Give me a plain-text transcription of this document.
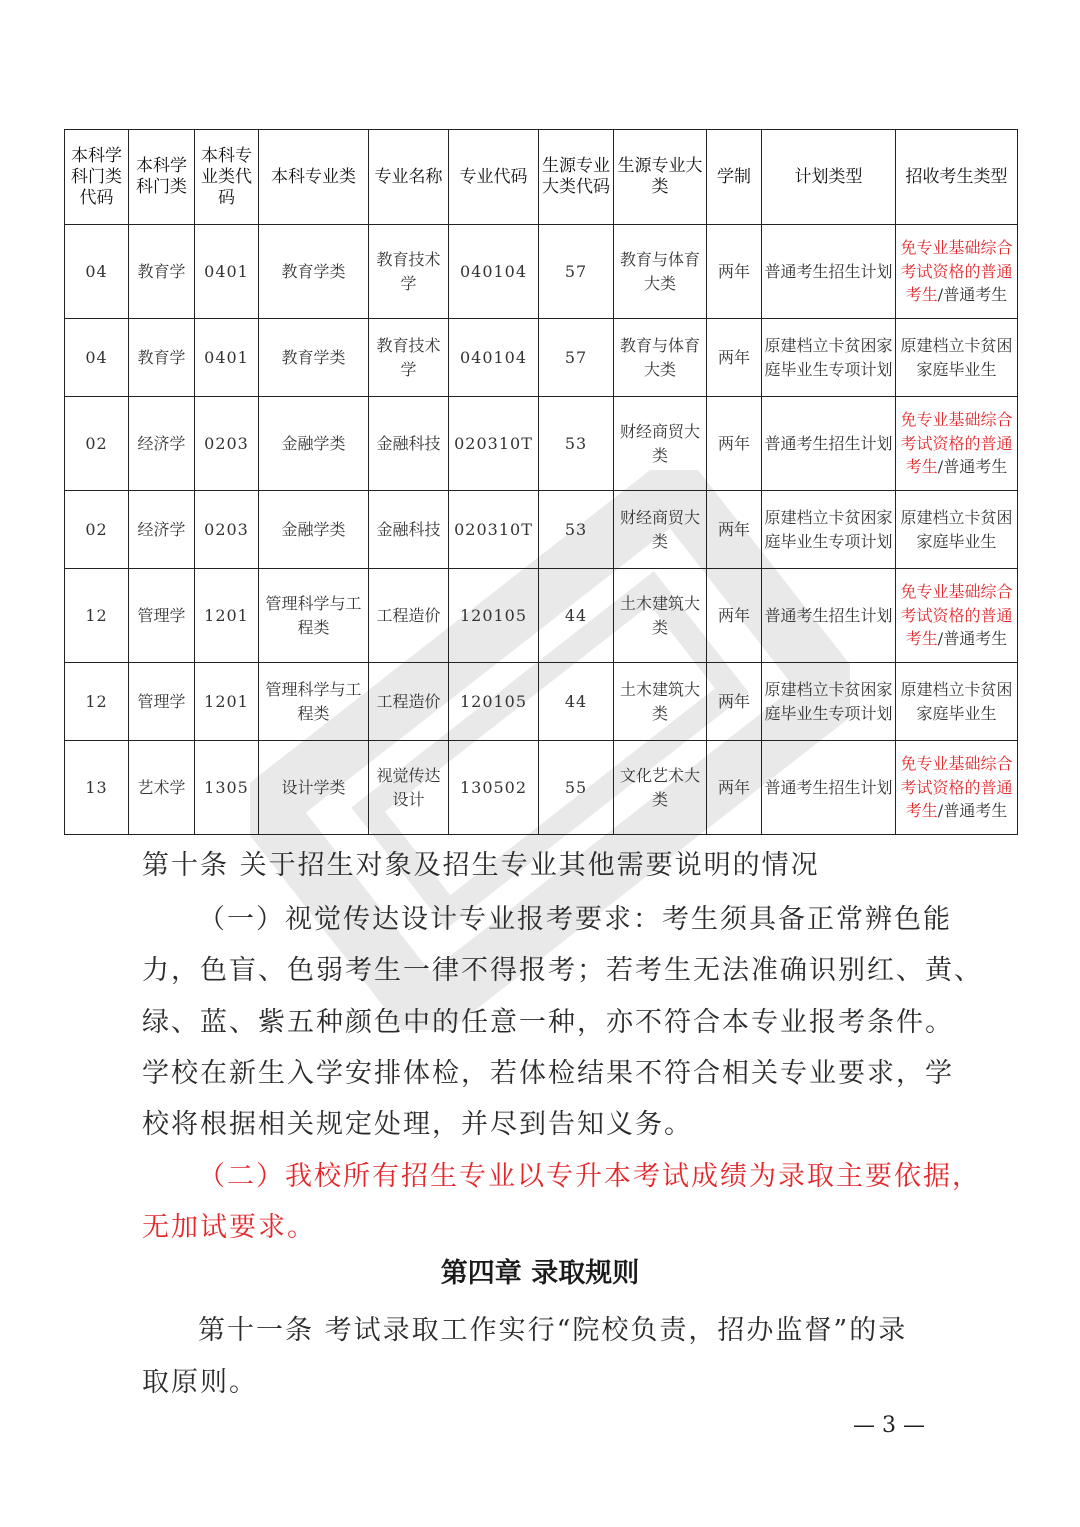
本科学科门类代码	本科学科门类	本科专业类代码	本科专业类	专业名称	专业代码	生源专业大类代码	生源专业大类	学制	计划类型	招收考生类型
04	教育学	0401	教育学类	教育技术学	040104	57	教育与体育大类	两年	普通考生招生计划	免专业基础综合考试资格的普通考生/普通考生
04	教育学	0401	教育学类	教育技术学	040104	57	教育与体育大类	两年	原建档立卡贫困家庭毕业生专项计划	原建档立卡贫困家庭毕业生
02	经济学	0203	金融学类	金融科技	020310T	53	财经商贸大类	两年	普通考生招生计划	免专业基础综合考试资格的普通考生/普通考生
02	经济学	0203	金融学类	金融科技	020310T	53	财经商贸大类	两年	原建档立卡贫困家庭毕业生专项计划	原建档立卡贫困家庭毕业生
12	管理学	1201	管理科学与工程类	工程造价	120105	44	土木建筑大类	两年	普通考生招生计划	免专业基础综合考试资格的普通考生/普通考生
12	管理学	1201	管理科学与工程类	工程造价	120105	44	土木建筑大类	两年	原建档立卡贫困家庭毕业生专项计划	原建档立卡贫困家庭毕业生
13	艺术学	1305	设计学类	视觉传达设计	130502	55	文化艺术大类	两年	普通考生招生计划	免专业基础综合考试资格的普通考生/普通考生
第十条 关于招生对象及招生专业其他需要说明的情况
（一）视觉传达设计专业报考要求：考生须具备正常辨色能
力，色盲、色弱考生一律不得报考；若考生无法准确识别红、黄、
绿、蓝、紫五种颜色中的任意一种，亦不符合本专业报考条件。
学校在新生入学安排体检，若体检结果不符合相关专业要求，学
校将根据相关规定处理，并尽到告知义务。
（二）我校所有招生专业以专升本考试成绩为录取主要依据，
无加试要求。
第四章 录取规则
第十一条 考试录取工作实行“院校负责，招办监督”的录
取原则。
— 3 —
